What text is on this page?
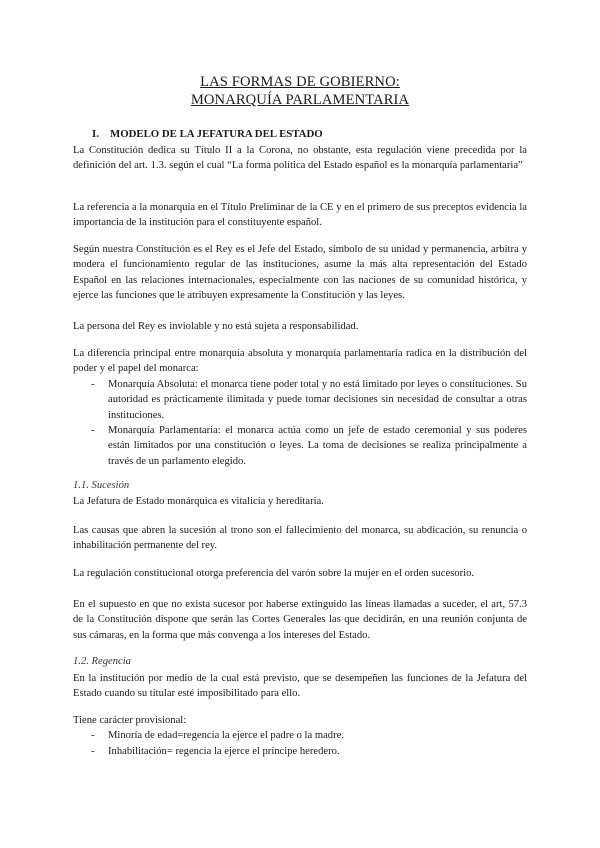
LAS FORMAS DE GOBIERNO:
MONARQUÍA PARLAMENTARIA
I. MODELO DE LA JEFATURA DEL ESTADO

La Constitución dedica su Título II a la Corona, no obstante, esta regulación viene precedida por la definición del art. 1.3. según el cual “La forma política del Estado español es la monarquía parlamentaria”

La referencia a la monarquía en el Título Preliminar de la CE y en el primero de sus preceptos evidencia la importancia de la institución para el constituyente español.

Según nuestra Constitución es el Rey es el Jefe del Estado, símbolo de su unidad y permanencia, arbitra y modera el funcionamiento regular de las instituciones, asume la más alta representación del Estado Español en las relaciones internacionales, especialmente con las naciones de su comunidad histórica, y ejerce las funciones que le atribuyen expresamente la Constitución y las leyes.

La persona del Rey es inviolable y no está sujeta a responsabilidad.

La diferencia principal entre monarquía absoluta y monarquía parlamentaria radica en la distribución del poder y el papel del monarca:

- Monarquía Absoluta: el monarca tiene poder total y no está limitado por leyes o constituciones. Su autoridad es prácticamente ilimitada y puede tomar decisiones sin necesidad de consultar a otras instituciones.
- Monarquía Parlamentaria: el monarca actúa como un jefe de estado ceremonial y sus poderes están limitados por una constitución o leyes. La toma de decisiones se realiza principalmente a través de un parlamento elegido.
1.1. Sucesión

La Jefatura de Estado monárquica es vitalicia y hereditaria.

Las causas que abren la sucesión al trono son el fallecimiento del monarca, su abdicación, su renuncia o inhabilitación permanente del rey.

La regulación constitucional otorga preferencia del varón sobre la mujer en el orden sucesorio.

En el supuesto en que no exista sucesor por haberse extinguido las líneas llamadas a suceder, el art, 57.3 de la Constitución dispone que serán las Cortes Generales las que decidirán, en una reunión conjunta de sus cámaras, en la forma que más convenga a los intereses del Estado.

1.2. Regencia

En la institución por medio de la cual está previsto, que se desempeñen las funciones de la Jefatura del Estado cuando su titular esté imposibilitado para ello.

Tiene carácter provisional:

- Minoría de edad=regencia la ejerce el padre o la madre.
- Inhabilitación= regencia la ejerce el príncipe heredero.
